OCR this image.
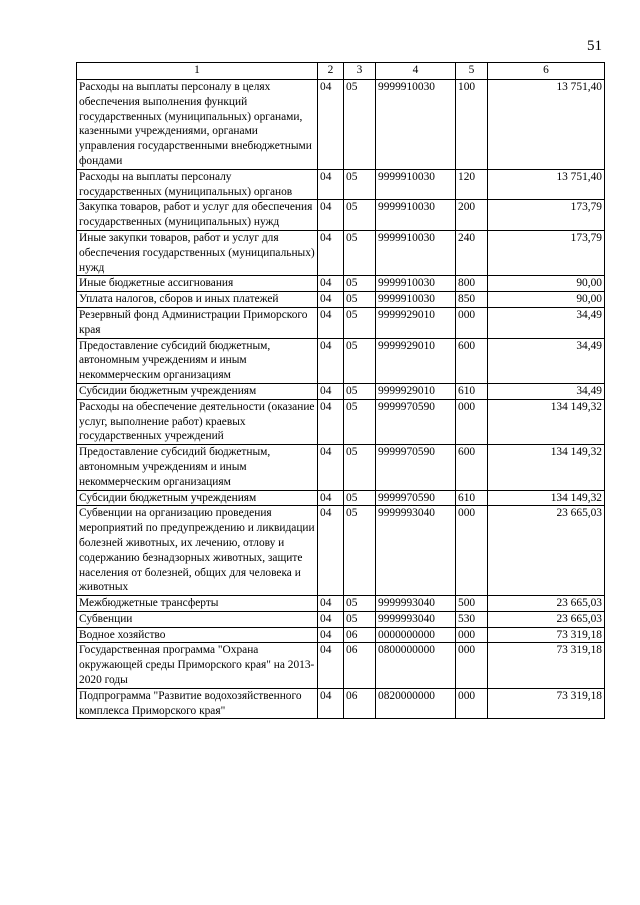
51
1	2	3	4	5	6
Расходы на выплаты персоналу в целях обеспечения выполнения функций государственных (муниципальных) органами, казенными учреждениями, органами управления государственными внебюджетными фондами	04	05	9999910030	100	13 751,40
Расходы на выплаты персоналу государственных (муниципальных) органов	04	05	9999910030	120	13 751,40
Закупка товаров, работ и услуг для обеспечения государственных (муниципальных) нужд	04	05	9999910030	200	173,79
Иные закупки товаров, работ и услуг для обеспечения государственных (муниципальных) нужд	04	05	9999910030	240	173,79
Иные бюджетные ассигнования	04	05	9999910030	800	90,00
Уплата налогов, сборов и иных платежей	04	05	9999910030	850	90,00
Резервный фонд Администрации Приморского края	04	05	9999929010	000	34,49
Предоставление субсидий бюджетным, автономным учреждениям и иным некоммерческим организациям	04	05	9999929010	600	34,49
Субсидии бюджетным учреждениям	04	05	9999929010	610	34,49
Расходы на обеспечение деятельности (оказание услуг, выполнение работ) краевых государственных учреждений	04	05	9999970590	000	134 149,32
Предоставление субсидий бюджетным, автономным учреждениям и иным некоммерческим организациям	04	05	9999970590	600	134 149,32
Субсидии бюджетным учреждениям	04	05	9999970590	610	134 149,32
Субвенции на организацию проведения мероприятий по предупреждению и ликвидации болезней животных, их лечению, отлову и содержанию безнадзорных животных, защите населения от болезней, общих для человека и животных	04	05	9999993040	000	23 665,03
Межбюджетные трансферты	04	05	9999993040	500	23 665,03
Субвенции	04	05	9999993040	530	23 665,03
Водное хозяйство	04	06	0000000000	000	73 319,18
Государственная программа "Охрана окружающей среды Приморского края" на 2013-2020 годы	04	06	0800000000	000	73 319,18
Подпрограмма "Развитие водохозяйственного комплекса Приморского края"	04	06	0820000000	000	73 319,18
